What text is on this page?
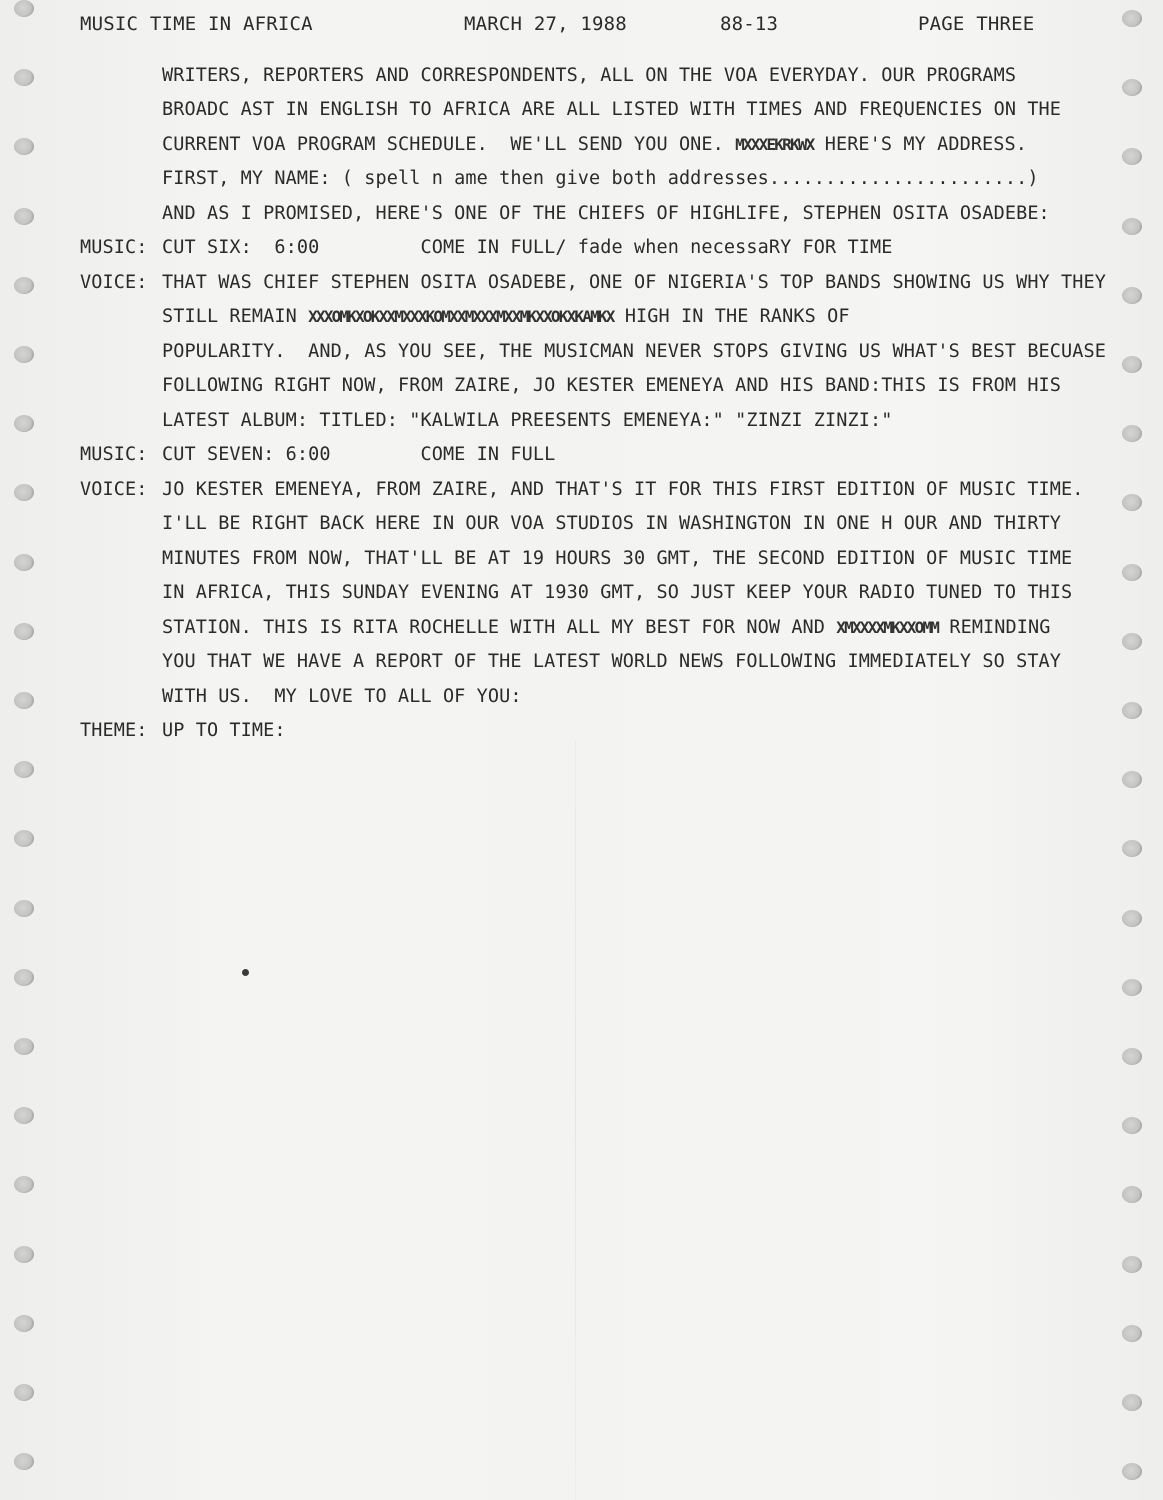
MUSIC TIME IN AFRICA	MARCH 27, 1988	88-13	PAGE THREE
WRITERS, REPORTERS AND CORRESPONDENTS, ALL ON THE VOA EVERYDAY. OUR PROGRAMS
BROADC AST IN ENGLISH TO AFRICA ARE ALL LISTED WITH TIMES AND FREQUENCIES ON THE
CURRENT VOA PROGRAM SCHEDULE.  WE'LL SEND YOU ONE. MXXXEKRKWX HERE'S MY ADDRESS.
FIRST, MY NAME: ( spell n ame then give both addresses.......................)
AND AS I PROMISED, HERE'S ONE OF THE CHIEFS OF HIGHLIFE, STEPHEN OSITA OSADEBE:
MUSIC: CUT SIX:  6:00         COME IN FULL/ fade when necessaRY FOR TIME
VOICE: THAT WAS CHIEF STEPHEN OSITA OSADEBE, ONE OF NIGERIA'S TOP BANDS SHOWING US WHY THEY
STILL REMAIN XXXOMKXOKXXMXXXKOMXXMXXXMXXMKXXOKXKAMKX HIGH IN THE RANKS OF
POPULARITY.  AND, AS YOU SEE, THE MUSICMAN NEVER STOPS GIVING US WHAT'S BEST BECUASE
FOLLOWING RIGHT NOW, FROM ZAIRE, JO KESTER EMENEYA AND HIS BAND:THIS IS FROM HIS
LATEST ALBUM: TITLED: "KALWILA PREESENTS EMENEYA:" "ZINZI ZINZI:"
MUSIC: CUT SEVEN: 6:00        COME IN FULL
VOICE: JO KESTER EMENEYA, FROM ZAIRE, AND THAT'S IT FOR THIS FIRST EDITION OF MUSIC TIME.
I'LL BE RIGHT BACK HERE IN OUR VOA STUDIOS IN WASHINGTON IN ONE H OUR AND THIRTY
MINUTES FROM NOW, THAT'LL BE AT 19 HOURS 30 GMT, THE SECOND EDITION OF MUSIC TIME
IN AFRICA, THIS SUNDAY EVENING AT 1930 GMT, SO JUST KEEP YOUR RADIO TUNED TO THIS
STATION. THIS IS RITA ROCHELLE WITH ALL MY BEST FOR NOW AND XMXXXXMKXXOMM REMINDING
YOU THAT WE HAVE A REPORT OF THE LATEST WORLD NEWS FOLLOWING IMMEDIATELY SO STAY
WITH US.  MY LOVE TO ALL OF YOU:
THEME: UP TO TIME:
